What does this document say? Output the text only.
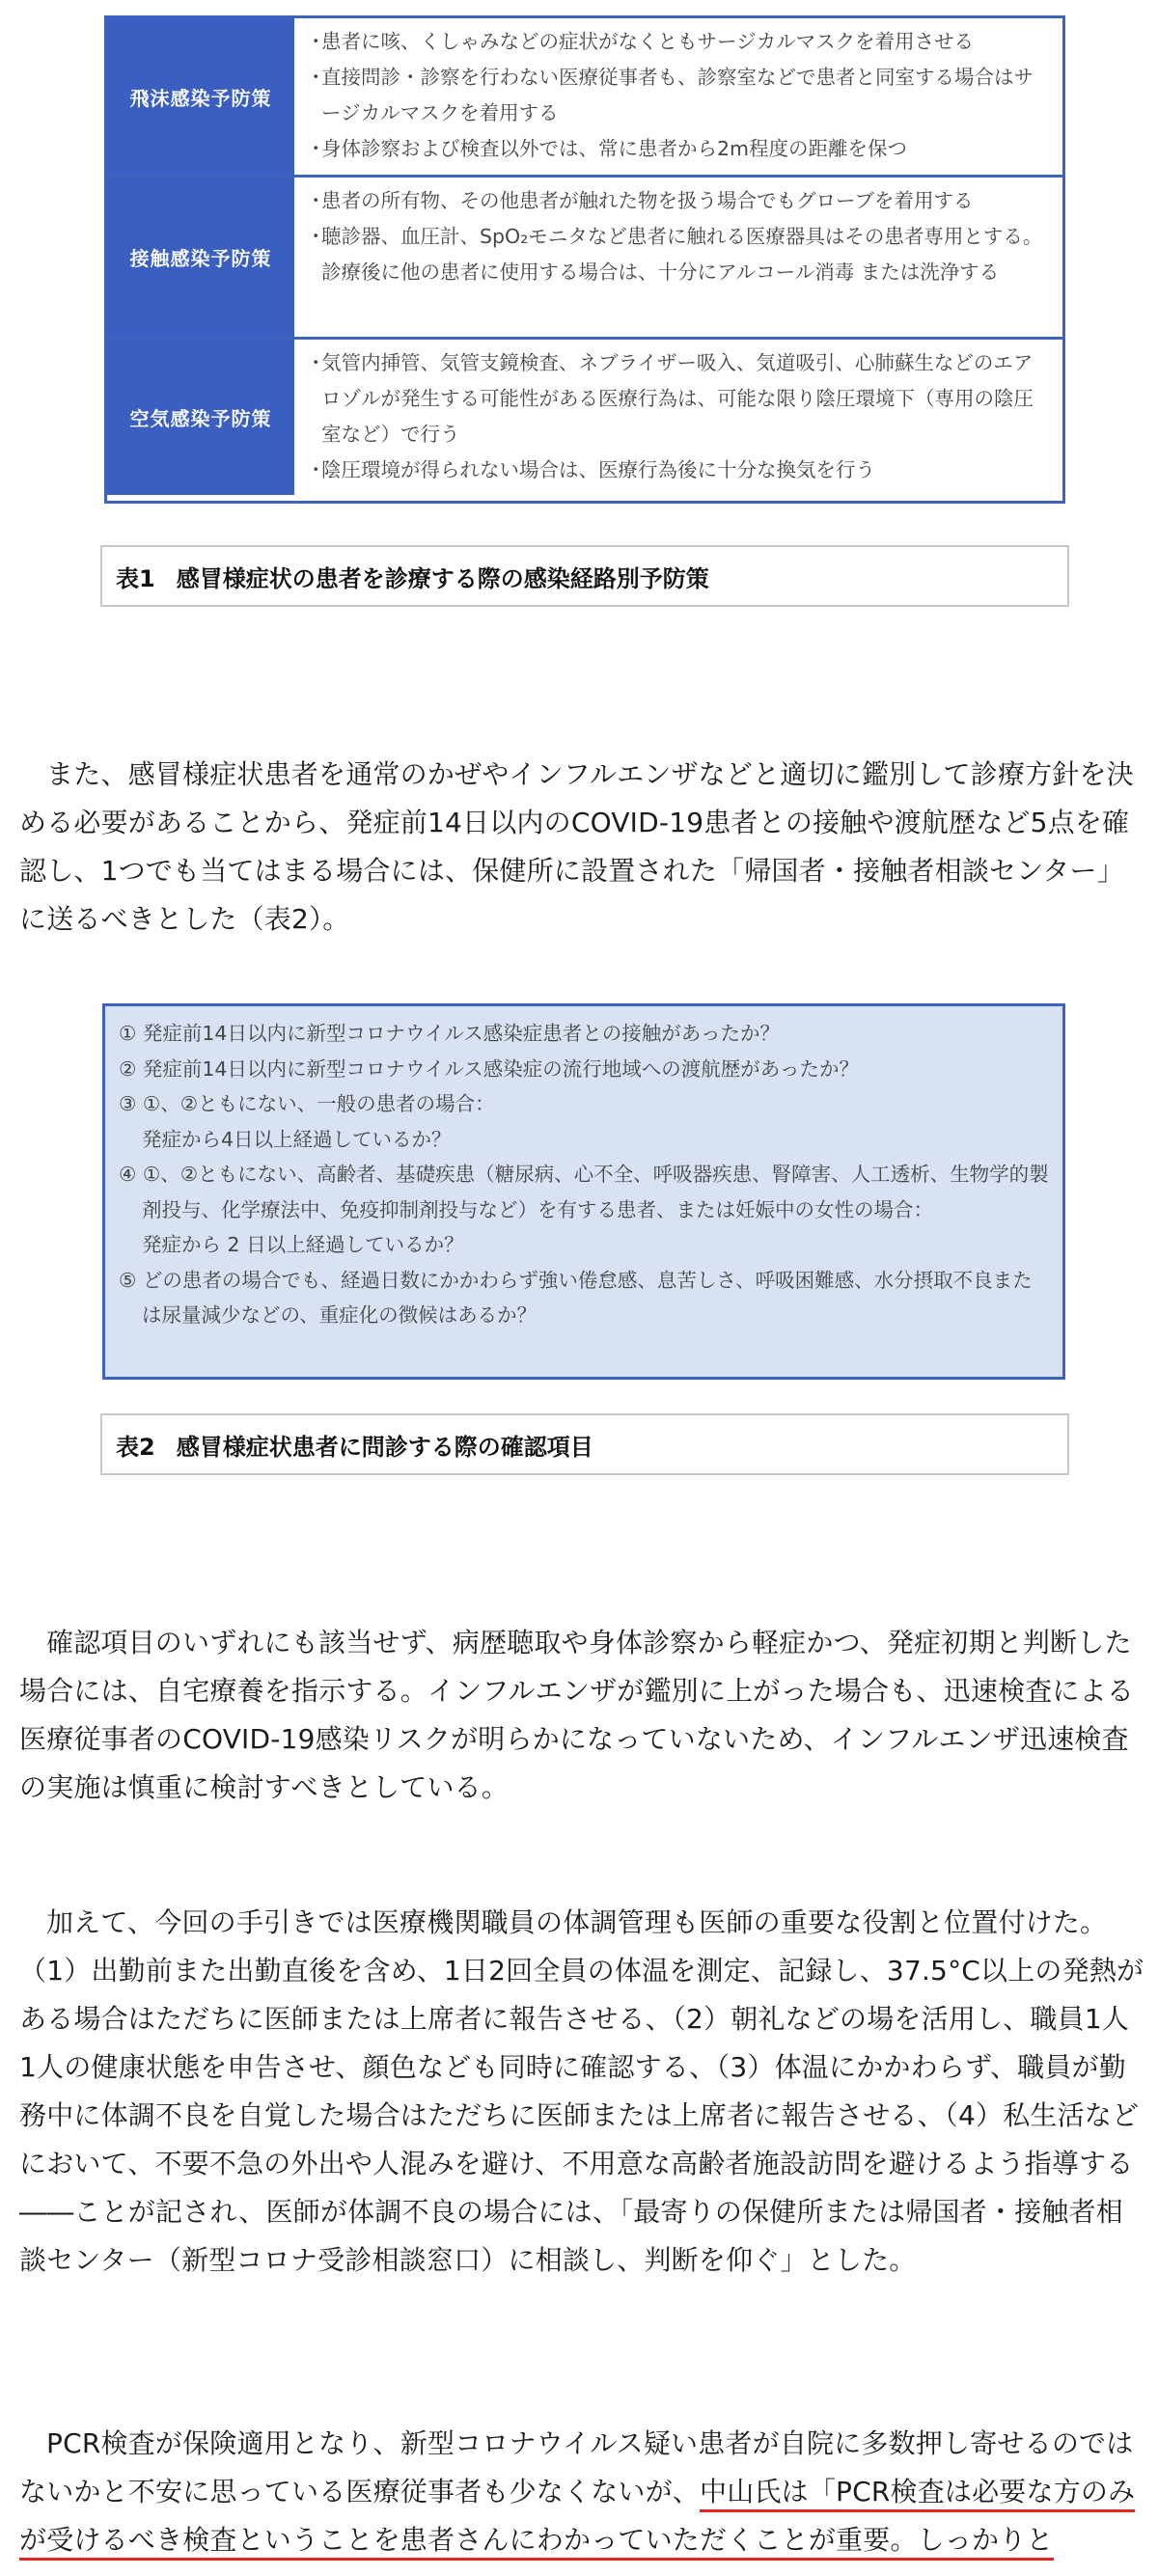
飛沫感染予防策
・ 患者に咳、くしゃみなどの症状がなくともサージカルマスクを着用させる
・ 直接問診・診察を行わない医療従事者も、診察室などで患者と同室する場合はサージカルマスクを着用する
・ 身体診察および検査以外では、常に患者から2m程度の距離を保つ
接触感染予防策
・ 患者の所有物、その他患者が触れた物を扱う場合でもグローブを着用する
・ 聴診器、血圧計、SpO₂モニタなど患者に触れる医療器具はその患者専用とする。診療後に他の患者に使用する場合は、十分にアルコール消毒 または洗浄する
空気感染予防策
・ 気管内挿管、気管支鏡検査、ネブライザー吸入、気道吸引、心肺蘇生などのエアロゾルが発生する可能性がある医療行為は、可能な限り陰圧環境下（専用の陰圧室など）で行う
・ 陰圧環境が得られない場合は、医療行為後に十分な換気を行う
表1 感冒様症状の患者を診療する際の感染経路別予防策

また、感冒様症状患者を通常のかぜやインフルエンザなどと適切に鑑別して診療方針を決める必要があることから、発症前14日以内のCOVID-19患者との接触や渡航歴など5点を確認し、1つでも当てはまる場合には、保健所に設置された「帰国者・接触者相談センター」に送るべきとした（表2）。

① 発症前14日以内に新型コロナウイルス感染症患者との接触があったか？
② 発症前14日以内に新型コロナウイルス感染症の流行地域への渡航歴があったか？
③ ①、②ともにない、一般の患者の場合：
発症から4日以上経過しているか？
④ ①、②ともにない、高齢者、基礎疾患（糖尿病、心不全、呼吸器疾患、腎障害、人工透析、生物学的製剤投与、化学療法中、免疫抑制剤投与など）を有する患者、または妊娠中の女性の場合：
発症から 2 日以上経過しているか？
⑤ どの患者の場合でも、経過日数にかかわらず強い倦怠感、息苦しさ、呼吸困難感、水分摂取不良または尿量減少などの、重症化の徴候はあるか？
表2 感冒様症状患者に問診する際の確認項目

確認項目のいずれにも該当せず、病歴聴取や身体診察から軽症かつ、発症初期と判断した場合には、自宅療養を指示する。インフルエンザが鑑別に上がった場合も、迅速検査による医療従事者のCOVID-19感染リスクが明らかになっていないため、インフルエンザ迅速検査の実施は慎重に検討すべきとしている。

加えて、今回の手引きでは医療機関職員の体調管理も医師の重要な役割と位置付けた。

（1）出勤前また出勤直後を含め、1日2回全員の体温を測定、記録し、37.5°C以上の発熱がある場合はただちに医師または上席者に報告させる、（2）朝礼などの場を活用し、職員1人1人の健康状態を申告させ、顔色なども同時に確認する、（3）体温にかかわらず、職員が勤務中に体調不良を自覚した場合はただちに医師または上席者に報告させる、（4）私生活などにおいて、不要不急の外出や人混みを避け、不用意な高齢者施設訪問を避けるよう指導する――ことが記され、医師が体調不良の場合には、「最寄りの保健所または帰国者・接触者相談センター（新型コロナ受診相談窓口）に相談し、判断を仰ぐ」とした。

PCR検査が保険適用となり、新型コロナウイルス疑い患者が自院に多数押し寄せるのではないかと不安に思っている医療従事者も少なくないが、中山氏は「PCR検査は必要な方のみが受けるべき検査ということを患者さんにわかっていただくことが重要。しっかりと
